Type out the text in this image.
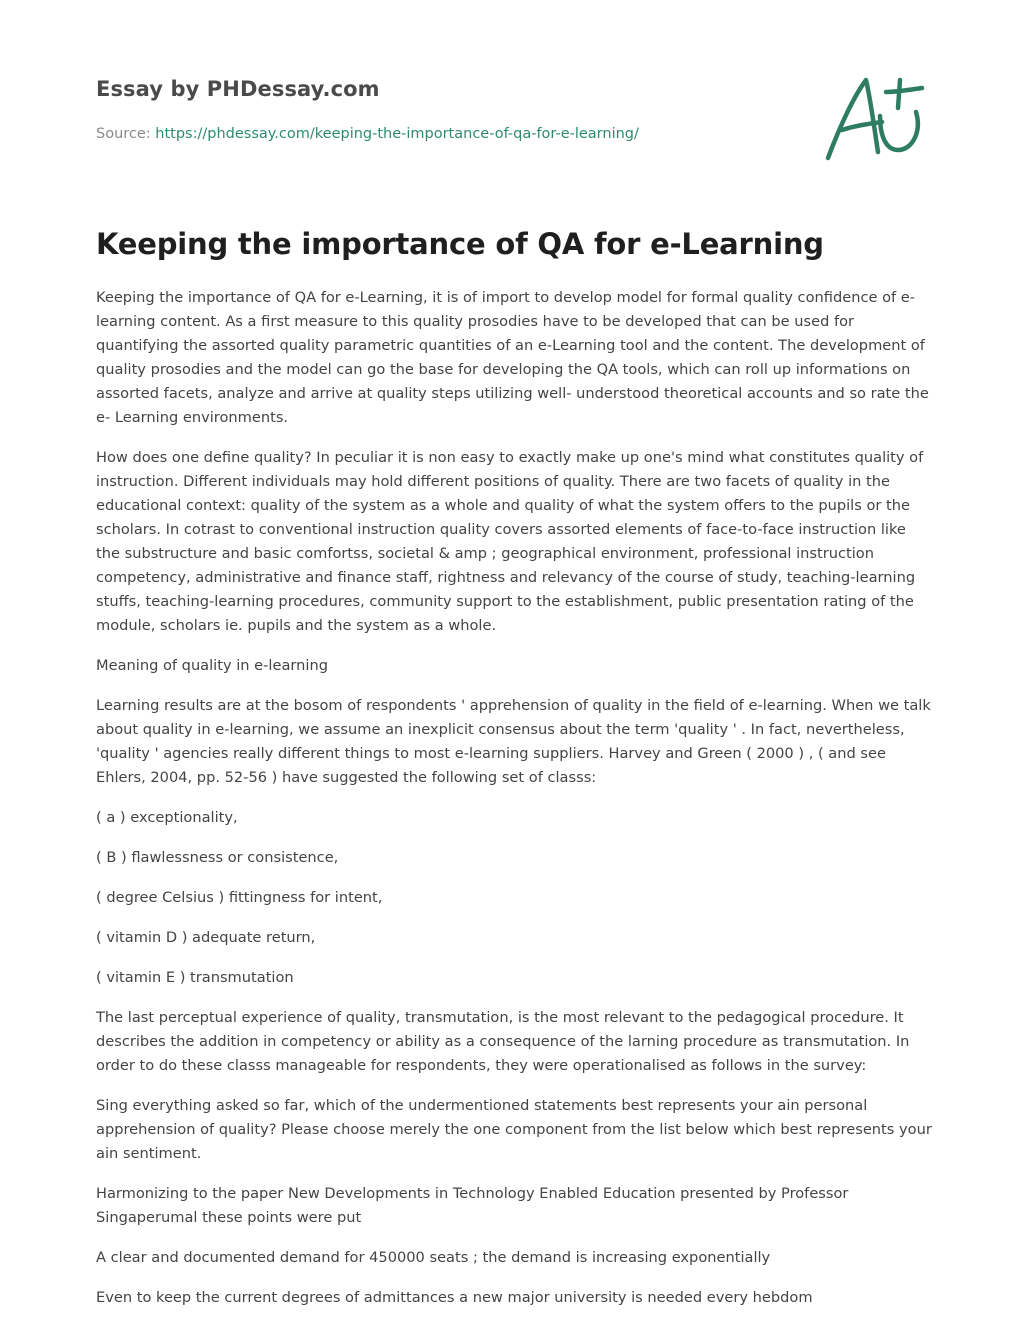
Essay by PHDessay.com
Source: https://phdessay.com/keeping-the-importance-of-qa-for-e-learning/
Keeping the importance of QA for e-Learning

Keeping the importance of QA for e-Learning, it is of import to develop model for formal quality confidence of e-learning content. As a first measure to this quality prosodies have to be developed that can be used for quantifying the assorted quality parametric quantities of an e-Learning tool and the content. The development of quality prosodies and the model can go the base for developing the QA tools, which can roll up informations on assorted facets, analyze and arrive at quality steps utilizing well- understood theoretical accounts and so rate the e- Learning environments.

How does one define quality? In peculiar it is non easy to exactly make up one's mind what constitutes quality of instruction. Different individuals may hold different positions of quality. There are two facets of quality in the educational context: quality of the system as a whole and quality of what the system offers to the pupils or the scholars. In cotrast to conventional instruction quality covers assorted elements of face-to-face instruction like the substructure and basic comfortss, societal & amp ; geographical environment, professional instruction competency, administrative and finance staff, rightness and relevancy of the course of study, teaching-learning stuffs, teaching-learning procedures, community support to the establishment, public presentation rating of the module, scholars ie. pupils and the system as a whole.

Meaning of quality in e-learning

Learning results are at the bosom of respondents ' apprehension of quality in the field of e-learning. When we talk about quality in e-learning, we assume an inexplicit consensus about the term 'quality ' . In fact, nevertheless, 'quality ' agencies really different things to most e-learning suppliers. Harvey and Green ( 2000 ) , ( and see Ehlers, 2004, pp. 52-56 ) have suggested the following set of classs:

( a ) exceptionality,

( B ) flawlessness or consistence,

( degree Celsius ) fittingness for intent,

( vitamin D ) adequate return,

( vitamin E ) transmutation

The last perceptual experience of quality, transmutation, is the most relevant to the pedagogical procedure. It describes the addition in competency or ability as a consequence of the larning procedure as transmutation. In order to do these classs manageable for respondents, they were operationalised as follows in the survey:

Sing everything asked so far, which of the undermentioned statements best represents your ain personal apprehension of quality? Please choose merely the one component from the list below which best represents your ain sentiment.

Harmonizing to the paper New Developments in Technology Enabled Education presented by Professor Singaperumal these points were put

A clear and documented demand for 450000 seats ; the demand is increasing exponentially

Even to keep the current degrees of admittances a new major university is needed every hebdom
